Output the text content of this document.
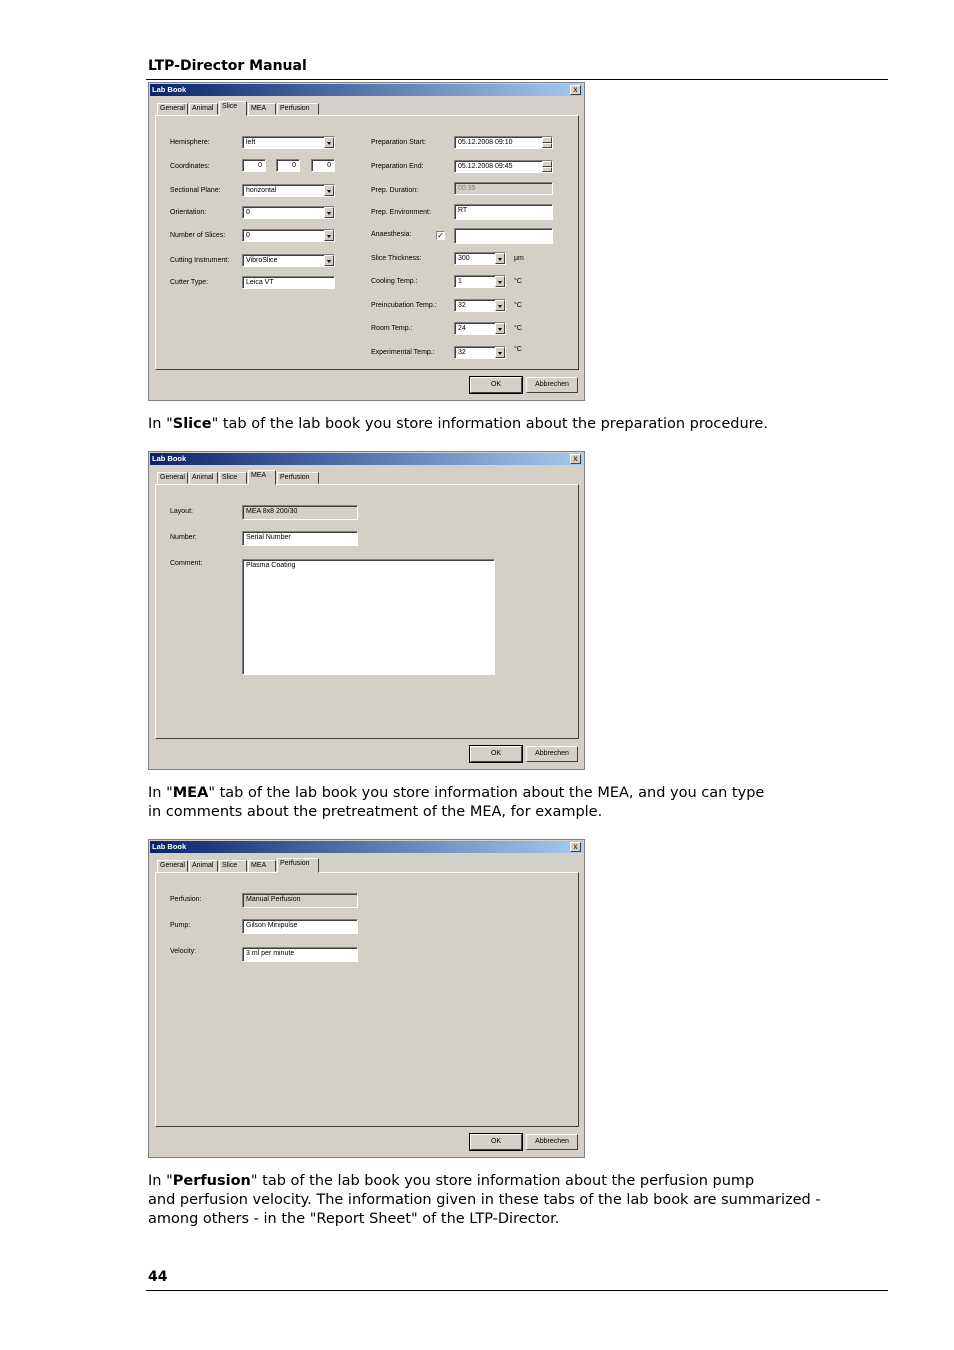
LTP-Director Manual
Lab Book	x
General	Animal	Slice	MEA	Perfusion
Hemisphere:	left
Coordinates:	0	0	0
Sectional Plane:	horizontal
Orientation:	0
Number of Slices:	0
Cutting Instrument:	VibroSlice
Cutter Type:	Leica VT
Preparation Start:	05.12.2008 09:10
Preparation End:	05.12.2008 09:45
Prep. Duration:	00:35
Prep. Environment:	RT
Anaesthesia:	✓
Slice Thickness:	300	µm
Cooling Temp.:	1	°C
Preincubation Temp.:	32	°C
Room Temp.:	24	°C
Experimental Temp.:	32	°C
OK	Abbrechen
In "Slice" tab of the lab book you store information about the preparation procedure.
Lab Book	x
General	Animal	Slice	MEA	Perfusion
Layout:	MEA 8x8 200/30
Number:	Serial Number
Comment:	Plasma Coating
OK	Abbrechen
In "MEA" tab of the lab book you store information about the MEA, and you can type
in comments about the pretreatment of the MEA, for example.
Lab Book	x
General	Animal	Slice	MEA	Perfusion
Perfusion:	Manual Perfusion
Pump:	Gilson Minipulse
Velocity:	3 ml per minute
OK	Abbrechen
In "Perfusion" tab of the lab book you store information about the perfusion pump
and perfusion velocity. The information given in these tabs of the lab book are summarized -
among others - in the "Report Sheet" of the LTP-Director.
44
